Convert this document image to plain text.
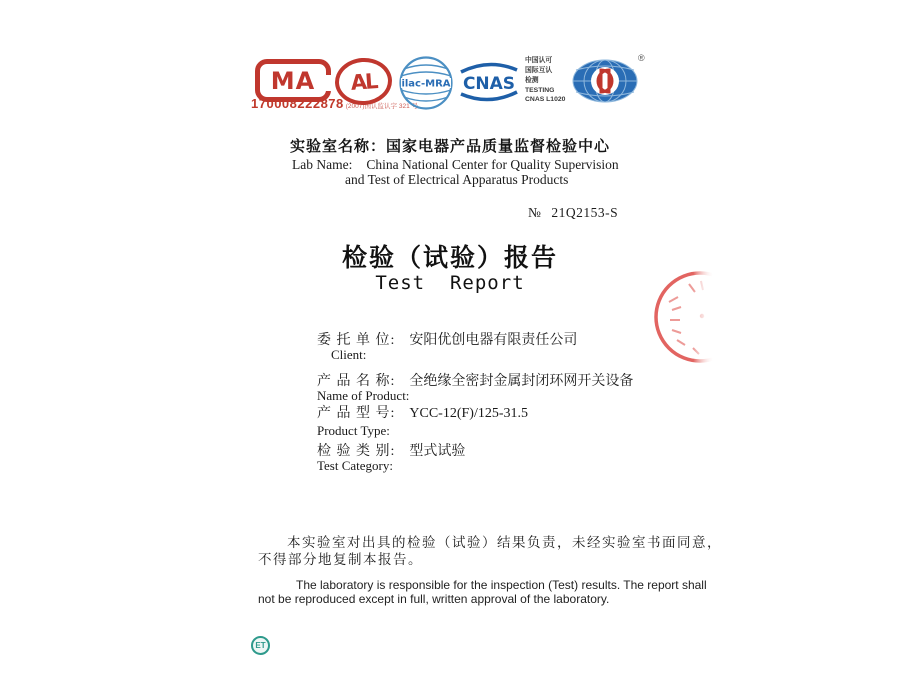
MA
170008222878 (2007)国认监认字 321 号
AL ilac-MRA CNAS
中国认可
国际互认
检测
TESTING
CNAS L1020
®
实验室名称：国家电器产品质量监督检验中心
Lab Name: China National Center for Quality Supervision
and Test of Electrical Apparatus Products
№ 21Q2153-S
检验（试验）报告
Test  Report
委 托 单 位: 安阳优创电器有限责任公司
Client:
产 品 名 称: 全绝缘全密封金属封闭环网开关设备
Name of Product:
产 品 型 号: YCC-12(F)/125-31.5
Product Type:
检 验 类 别: 型式试验
Test Category:
本实验室对出具的检验（试验）结果负责，未经实验室书面同意，
不得部分地复制本报告。
The laboratory is responsible for the inspection (Test) results. The report shall
not be reproduced except in full, written approval of the laboratory.
ET
